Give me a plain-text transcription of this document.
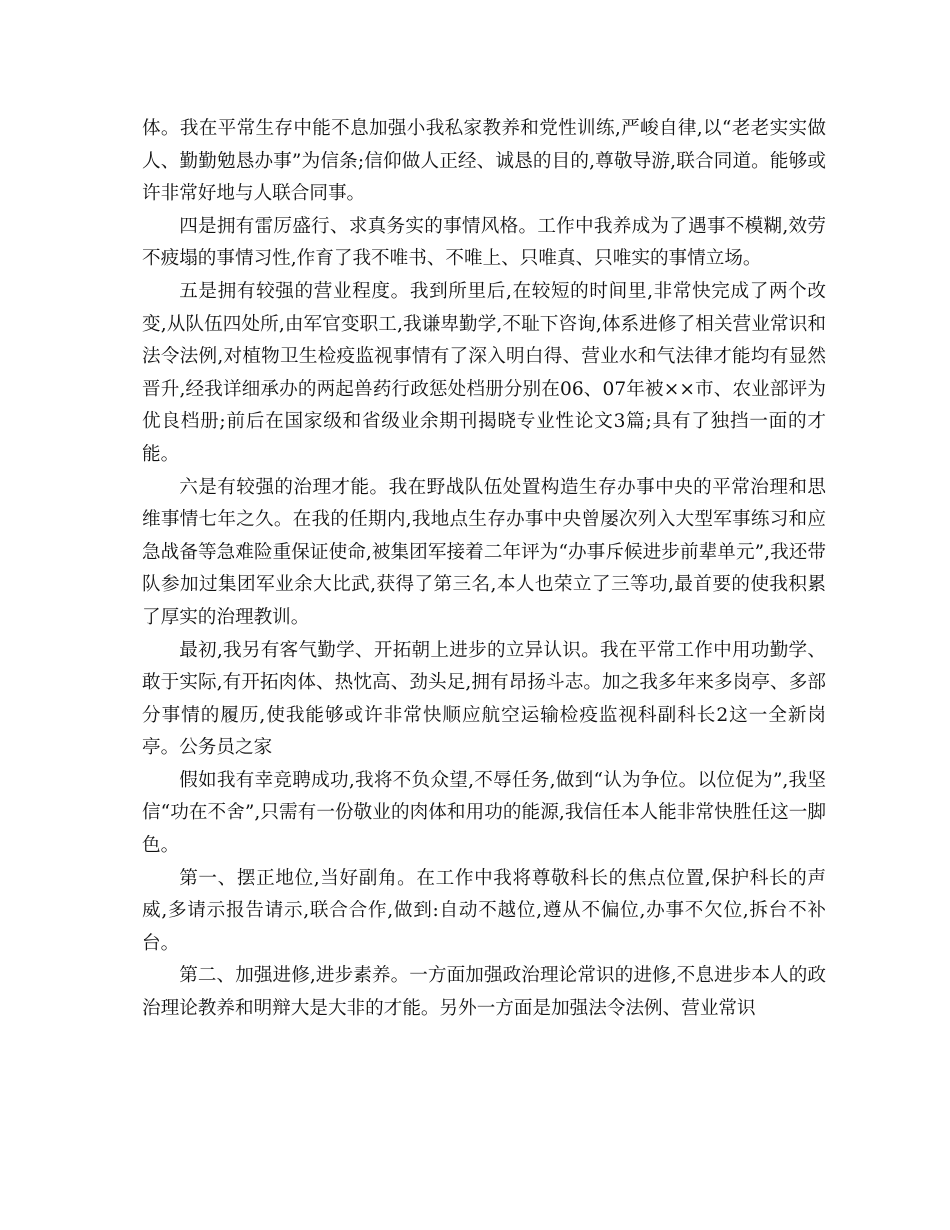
体。我在平常生存中能不息加强小我私家教养和党性训练,严峻自律,以“老老实实做人、勤勤勉恳办事”为信条;信仰做人正经、诚恳的目的,尊敬导游,联合同道。能够或许非常好地与人联合同事。

四是拥有雷厉盛行、求真务实的事情风格。工作中我养成为了遇事不模糊,效劳不疲塌的事情习性,作育了我不唯书、不唯上、只唯真、只唯实的事情立场。

五是拥有较强的营业程度。我到所里后,在较短的时间里,非常快完成了两个改变,从队伍四处所,由军官变职工,我谦卑勤学,不耻下咨询,体系进修了相关营业常识和法令法例,对植物卫生检疫监视事情有了深入明白得、营业水和气法律才能均有显然晋升,经我详细承办的两起兽药行政惩处档册分别在06、07年被××市、农业部评为优良档册;前后在国家级和省级业余期刊揭晓专业性论文3篇;具有了独挡一面的才能。

六是有较强的治理才能。我在野战队伍处置构造生存办事中央的平常治理和思维事情七年之久。在我的任期内,我地点生存办事中央曾屡次列入大型军事练习和应急战备等急难险重保证使命,被集团军接着二年评为“办事斥候进步前辈单元”,我还带队参加过集团军业余大比武,获得了第三名,本人也荣立了三等功,最首要的使我积累了厚实的治理教训。

最初,我另有客气勤学、开拓朝上进步的立异认识。我在平常工作中用功勤学、敢于实际,有开拓肉体、热忱高、劲头足,拥有昂扬斗志。加之我多年来多岗亭、多部分事情的履历,使我能够或许非常快顺应航空运输检疫监视科副科长2这一全新岗亭。公务员之家

假如我有幸竞聘成功,我将不负众望,不辱任务,做到“认为争位。以位促为”,我坚信“功在不舍”,只需有一份敬业的肉体和用功的能源,我信任本人能非常快胜任这一脚色。

第一、摆正地位,当好副角。在工作中我将尊敬科长的焦点位置,保护科长的声威,多请示报告请示,联合合作,做到:自动不越位,遵从不偏位,办事不欠位,拆台不补台。

第二、加强进修,进步素养。一方面加强政治理论常识的进修,不息进步本人的政治理论教养和明辩大是大非的才能。另外一方面是加强法令法例、营业常识
